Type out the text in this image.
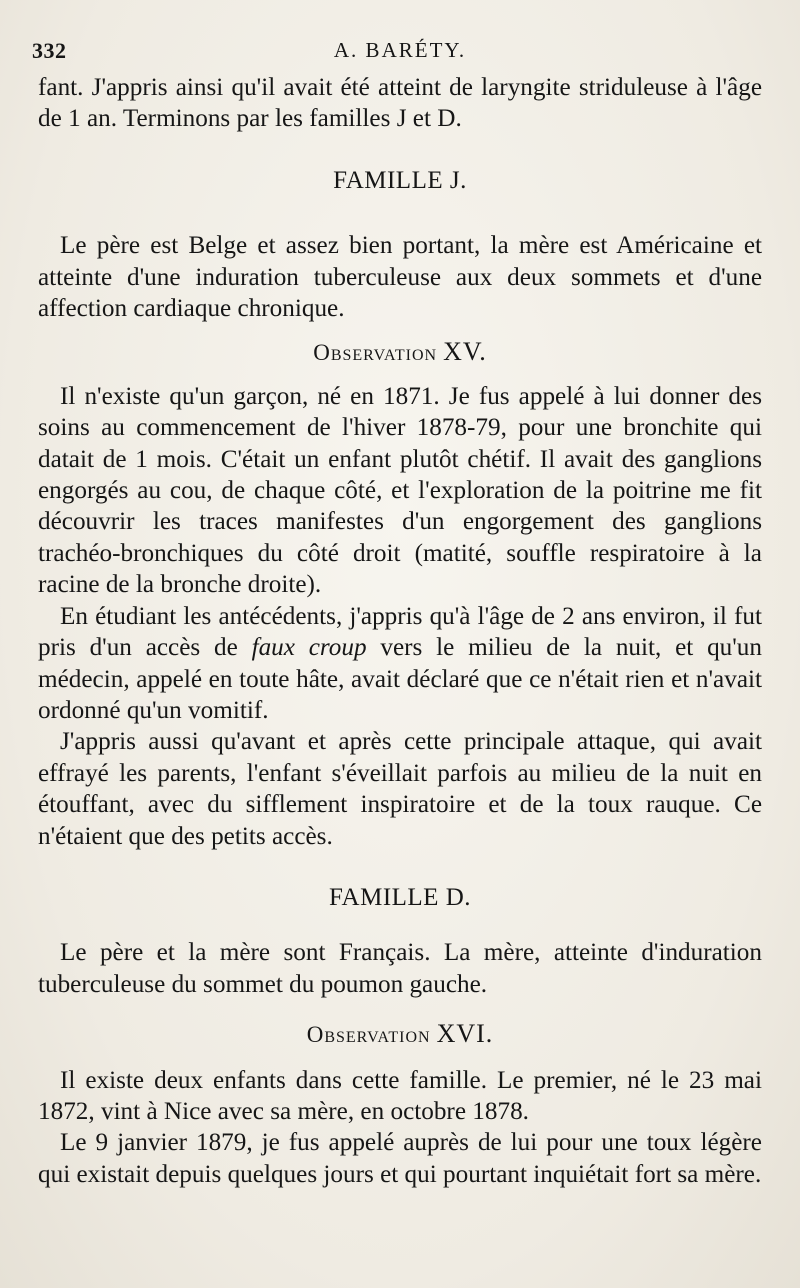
332	A. BARÉTY.

fant. J'appris ainsi qu'il avait été atteint de laryngite striduleuse à l'âge de 1 an. Terminons par les familles J et D.

FAMILLE J.

Le père est Belge et assez bien portant, la mère est Américaine et atteinte d'une induration tuberculeuse aux deux sommets et d'une affection cardiaque chronique.

Observation XV.

Il n'existe qu'un garçon, né en 1871. Je fus appelé à lui donner des soins au commencement de l'hiver 1878-79, pour une bronchite qui datait de 1 mois. C'était un enfant plutôt chétif. Il avait des ganglions engorgés au cou, de chaque côté, et l'exploration de la poitrine me fit découvrir les traces manifestes d'un engorgement des ganglions trachéo-bronchiques du côté droit (matité, souffle respiratoire à la racine de la bronche droite).

En étudiant les antécédents, j'appris qu'à l'âge de 2 ans environ, il fut pris d'un accès de faux croup vers le milieu de la nuit, et qu'un médecin, appelé en toute hâte, avait déclaré que ce n'était rien et n'avait ordonné qu'un vomitif.

J'appris aussi qu'avant et après cette principale attaque, qui avait effrayé les parents, l'enfant s'éveillait parfois au milieu de la nuit en étouffant, avec du sifflement inspiratoire et de la toux rauque. Ce n'étaient que des petits accès.

FAMILLE D.

Le père et la mère sont Français. La mère, atteinte d'induration tuberculeuse du sommet du poumon gauche.

Observation XVI.

Il existe deux enfants dans cette famille. Le premier, né le 23 mai 1872, vint à Nice avec sa mère, en octobre 1878.

Le 9 janvier 1879, je fus appelé auprès de lui pour une toux légère qui existait depuis quelques jours et qui pourtant inquiétait fort sa mère.
